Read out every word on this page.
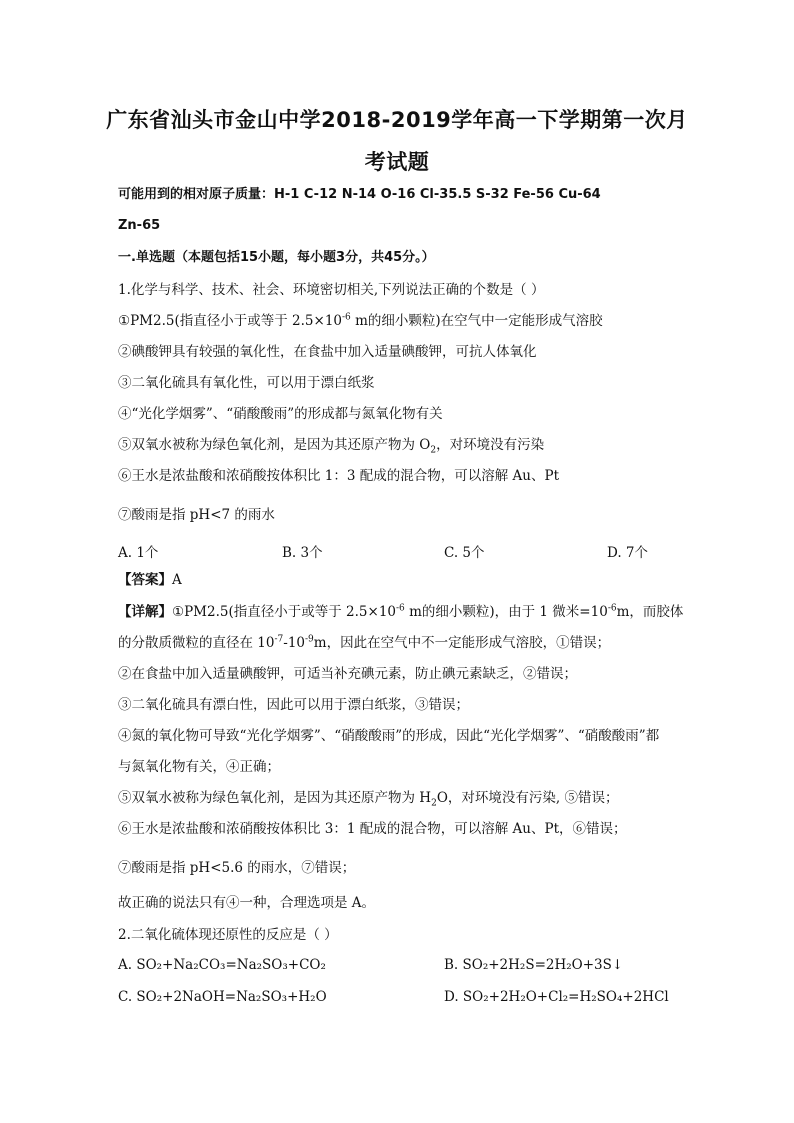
广东省汕头市金山中学2018-2019学年高一下学期第一次月
考试题
可能用到的相对原子质量：H-1 C-12 N-14 O-16 Cl-35.5 S-32 Fe-56 Cu-64
Zn-65
一.单选题（本题包括15小题，每小题3分，共45分。）
1.化学与科学、技术、社会、环境密切相关,下列说法正确的个数是（ ）
①PM2.5(指直径小于或等于 $2.5\times 10^{-6}$ m的细小颗粒)在空气中一定能形成气溶胶
②碘酸钾具有较强的氧化性，在食盐中加入适量碘酸钾，可抗人体氧化
③二氧化硫具有氧化性，可以用于漂白纸浆
④“光化学烟雾”、“硝酸酸雨”的形成都与氮氧化物有关
⑤双氧水被称为绿色氧化剂，是因为其还原产物为 $O_2$，对环境没有污染
⑥王水是浓盐酸和浓硝酸按体积比 1：3 配成的混合物，可以溶解 Au、Pt
⑦酸雨是指 pH<7 的雨水
A. 1个	B. 3个	C. 5个	D. 7个
【答案】A
【详解】①PM2.5(指直径小于或等于 $2.5\times 10^{-6}$ m的细小颗粒)，由于 1 微米$=10^{-6}m$，而胶体
的分散质微粒的直径在 $10^{-7}-10^{-9}m$，因此在空气中不一定能形成气溶胶，①错误；
②在食盐中加入适量碘酸钾，可适当补充碘元素，防止碘元素缺乏，②错误；
③二氧化硫具有漂白性，因此可以用于漂白纸浆，③错误；
④氮的氧化物可导致“光化学烟雾”、“硝酸酸雨”的形成，因此“光化学烟雾”、“硝酸酸雨”都
与氮氧化物有关，④正确；
⑤双氧水被称为绿色氧化剂，是因为其还原产物为 $H_2O$，对环境没有污染, ⑤错误；
⑥王水是浓盐酸和浓硝酸按体积比 3：1 配成的混合物，可以溶解 Au、Pt，⑥错误；
⑦酸雨是指 pH<5.6 的雨水，⑦错误；
故正确的说法只有④一种，合理选项是 A。
2.二氧化硫体现还原性的反应是（ ）
A. SO₂+Na₂CO₃=Na₂SO₃+CO₂	B. SO₂+2H₂S=2H₂O+3S↓
C. SO₂+2NaOH=Na₂SO₃+H₂O	D. SO₂+2H₂O+Cl₂=H₂SO₄+2HCl
